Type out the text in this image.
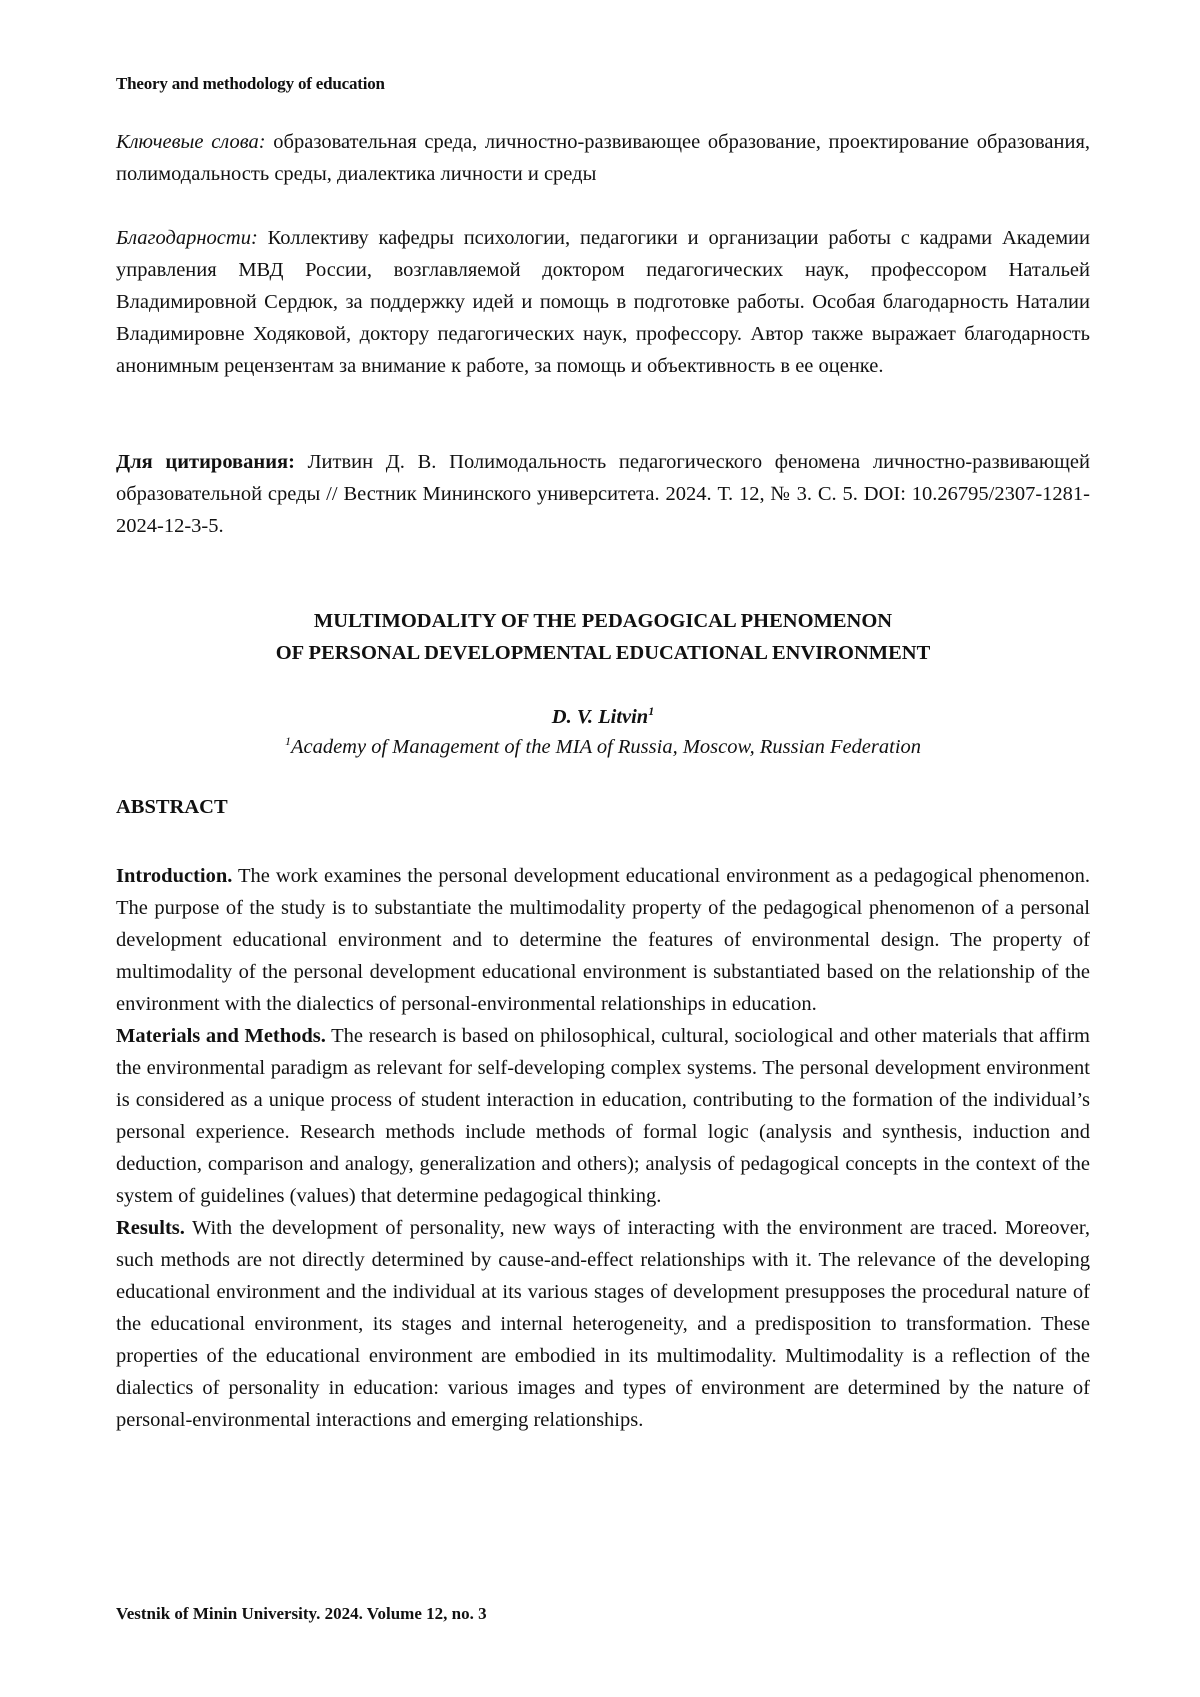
Theory and methodology of education

Ключевые слова: образовательная среда, личностно-развивающее образование, проектирование образования, полимодальность среды, диалектика личности и среды

Благодарности: Коллективу кафедры психологии, педагогики и организации работы с кадрами Академии управления МВД России, возглавляемой доктором педагогических наук, профессором Натальей Владимировной Сердюк, за поддержку идей и помощь в подготовке работы. Особая благодарность Наталии Владимировне Ходяковой, доктору педагогических наук, профессору. Автор также выражает благодарность анонимным рецензентам за внимание к работе, за помощь и объективность в ее оценке.

Для цитирования: Литвин Д. В. Полимодальность педагогического феномена личностно-развивающей образовательной среды // Вестник Мининского университета. 2024. Т. 12, № 3. С. 5. DOI: 10.26795/2307-1281-2024-12-3-5.

MULTIMODALITY OF THE PEDAGOGICAL PHENOMENON
OF PERSONAL DEVELOPMENTAL EDUCATIONAL ENVIRONMENT
D. V. Litvin$^1$
$^1$Academy of Management of the MIA of Russia, Moscow, Russian Federation
ABSTRACT
Introduction. The work examines the personal development educational environment as a pedagogical phenomenon. The purpose of the study is to substantiate the multimodality property of the pedagogical phenomenon of a personal development educational environment and to determine the features of environmental design. The property of multimodality of the personal development educational environment is substantiated based on the relationship of the environment with the dialectics of personal-environmental relationships in education.
Materials and Methods. The research is based on philosophical, cultural, sociological and other materials that affirm the environmental paradigm as relevant for self-developing complex systems. The personal development environment is considered as a unique process of student interaction in education, contributing to the formation of the individual’s personal experience. Research methods include methods of formal logic (analysis and synthesis, induction and deduction, comparison and analogy, generalization and others); analysis of pedagogical concepts in the context of the system of guidelines (values) that determine pedagogical thinking.
Results. With the development of personality, new ways of interacting with the environment are traced. Moreover, such methods are not directly determined by cause-and-effect relationships with it. The relevance of the developing educational environment and the individual at its various stages of development presupposes the procedural nature of the educational environment, its stages and internal heterogeneity, and a predisposition to transformation. These properties of the educational environment are embodied in its multimodality. Multimodality is a reflection of the dialectics of personality in education: various images and types of environment are determined by the nature of personal-environmental interactions and emerging relationships.
Vestnik of Minin University. 2024. Volume 12, no. 3
